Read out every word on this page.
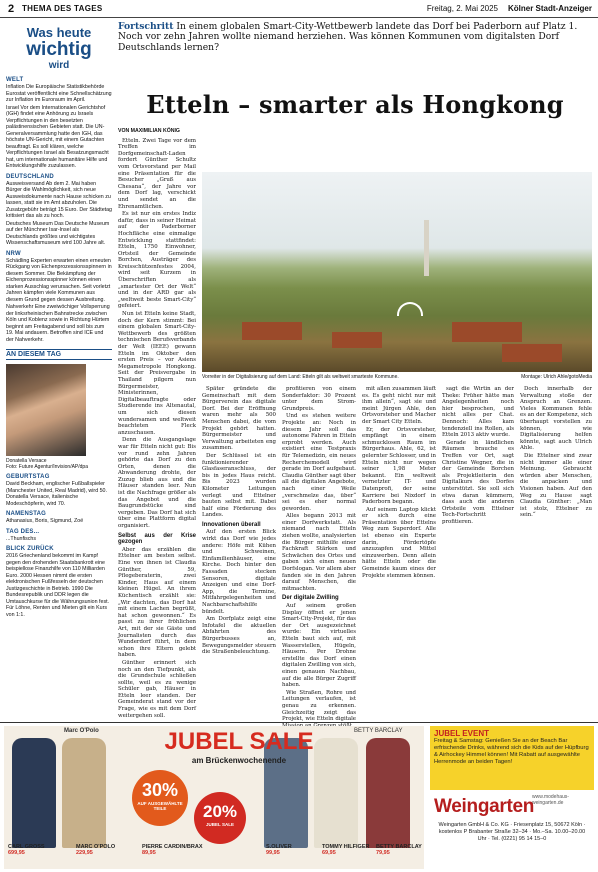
2 THEMA DES TAGES	Freitag, 2. Mai 2025 Kölner Stadt-Anzeiger
Was heute
wichtig
wird
WELT

Inflation Die Europäische Statistikbehörde Eurostat veröffentlicht eine Schnellschätzung zur Inflation im Euroraum im April.

Israel Vor dem Internationalen Gerichtshof (IGH) findet eine Anhörung zu Israels Verpflichtungen in den besetzten palästinensischen Gebieten statt. Die UN-Generalversammlung hatte den IGH, das höchste UN-Gericht, mit einem Gutachten beauftragt. Es soll klären, welche Verpflichtungen Israel als Besatzungsmacht hat, um internationale humanitäre Hilfe und Entwicklungshilfe zuzulassen.

DEUTSCHLAND

Ausweisversand Ab dem 2. Mai haben Bürger die Wahlmöglichkeit, sich neue Ausweisdokumente nach Hause schicken zu lassen, statt sie im Amt abzuholen. Die Zusatzgebühr beträgt 15 Euro. Der Städtetag kritisiert das als zu hoch.

Deutsches Museum Das Deutsche Museum auf der Münchner Isar-Insel als Deutschlands größtes und wichtigstes Wissenschaftsmuseum wird 100 Jahre alt.

NRW

Schädling Experten erwarten einen erneuten Rückgang von Eichenprozessionsspinnern in diesem Sommer. Die Bekämpfung der Eichenprozessionsspinner können einen starken Ausschlag verursachen. Seit vorletzt Jahren kämpfen viele Kommunen aus diesem Grund gegen dessen Ausbreitung.

Nahverkehr Eine zweiwöchiger Vollsperrung der linksrheinischen Bahnstrecke zwischen Köln und Koblenz sowie in Richtung Hürtem beginnt am Freitagabend und soll bis zum 19. Mai andauern. Betroffen sind ICE und der Nahverkehr.

AN DIESEM TAG
Donatella Versace
Foto: Future Agentur/Invision/AP/dpa
GEBURTSTAG

David Beckham, englischer Fußballspieler (Manchester United, Real Madrid), wird 50. Donatella Versace, italienische Modeschöpferin, wird 70.

NAMENSTAG

Athanasius, Boris, Sigmund, Zoë

TAG DES...

...Thunfischs

BLICK ZURÜCK

2016 Griechenland bekommt im Kampf gegen den drohenden Staatsbankrott eine beispiellose Finanzhilfe von 110 Milliarden Euro. 2000 Hessen nimmt die ersten elektronischen Fußfesseln der deutschen Justizgeschichte in Betrieb. 1990 Die Bundesrepublik und DDR legen die Umtauschkurse für die Währungsunion fest. Für Löhne, Renten und Mieten gilt ein Kurs von 1:1.

Fortschritt In einem globalen Smart-City-Wettbewerb landete das Dorf bei Paderborn auf Platz 1. Noch vor zehn Jahren wollte niemand herziehen. Was können Kommunen vom digitalsten Dorf Deutschlands lernen?
Etteln – smarter als Hongkong
VON MAXIMILIAN KÖNIG

Etteln. Zwei Tage vor dem Treffen im Dorfgemeinschaft-Laden fordert Günther Schultz vom Ortsvorstand per Mail eine Präsentation für die Besucher „Gruß aus Chesana“, der Jahre vor dem Dorf lag, verschickt und sendet an die Ehrenamtlichen.

Es ist nur ein erstes Indiz dafür, dass in seiner Heimat auf der Paderborner Hochfläche eine einmalige Entwicklung stattfindet: Etteln, 1750 Einwohner, Ortsteil der Gemeinde Borchen, Austräger des Kreisschützenfestes 2004, wird seit Kurzem in Überschriften als „smartester Ort der Welt“ und in der ARD gar als „weltweit beste Smart-City“ gefeiert.

Nun ist Etteln keine Stadt, doch der Kern stimmt: Bei einem globalen Smart-City-Wettbewerb des größten technischen Berufsverbands der Welt (IEEE) gewann Etteln im Oktober den ersten Preis – vor Asiens Megametropole Hongkong. Seit der Preisvergabe in Thailand pilgern nun Bürgermeister, Ministerinnen, Digitalbeauftragte oder Studierende ins Altenautal, um sich diesen wundersamen und weltweit beachteten Fleck anzuschauen.

Denn die Ausgangslage war für Etteln nicht gut: Bis vor rund zehn Jahren gehörte das Dorf zu den Orten, denen die Abwanderung drohte, der Zuzug blieb aus und die Häuser standen leer. Nun ist die Nachfrage größer als das Angebot und die Baugrundstücke sind vergeben. Das Dorf hat sich über eine Plattform digital organisiert.

Selbst aus der Krise gezogen

Aber das erzählen die Ettelner am besten selbst. Eine von ihnen ist Claudia Günther, 59, Pflegeberaterin, zwei Kinder, Haus auf einem kleinen Hügel. An ihrem Küchentisch erzählt sie: „Wir dachten, das Dorf hat mit einem Lachen begrüßt, hat schon gewonnen.“ Es passt zu ihrer fröhlichen Art, mit der sie Gäste und Journalisten durch das Wunderdorf führt, in dem schon ihre Eltern gelebt haben.

Günther erinnert sich noch an den Tiefpunkt, als die Grundschule schließen sollte, weil es zu wenige Schüler gab, Häuser in Etteln leer standen. Der Gemeinderat stand vor der Frage, wie es mit dem Dorf weitergehen soll.

Vorreiter in der Digitalisierung auf dem Land: Etteln gilt als weltweit smarteste Kommune.	Montage: Ulrich Ahle/gotoMedia

Später gründete die Gemeinschaft mit dem Bürgerverein das digitale Dorf. Bei der Eröffnung waren mehr als 500 Menschen dabei, die vom Projekt gehört hatten. Bürgermeister und Verwaltung arbeiteten eng zusammen.

Der Schlüssel ist ein funktionierender Glasfaseranschluss, der bis in jedes Haus reicht. Bis 2023 wurden Kilometer Leitungen verlegt und Ettelner bauten selbst mit. Dabei half eine Förderung des Landes.

Innovationen überall

Auf den ersten Blick wirkt das Dorf wie jedes andere: Höfe mit Kühen und Schweinen, Einfamilienhäuser, eine Kirche. Doch hinter den Fassaden stecken Sensoren, digitale Anzeigen und eine Dorf-App, die Termine, Mitfahrgelegenheiten und Nachbarschaftshilfe bündelt.

Am Dorfplatz zeigt eine Infotafel die aktuellen Abfahrten des Bürgerbusses an, Bewegungsmelder steuern die Straßenbeleuchtung.

profitieren von einem Sonderfaktor: 30 Prozent unter dem Strom-Grundpreis.

Und es stehen weitere Projekte an: Noch in diesem Jahr soll das autonome Fahren in Etteln erprobt werden. Auch existiert eine Testpraxis für Telemedizin, ein neues Recherchemodell wird gerade im Dorf aufgebaut. Claudia Günther sagt über all die digitalen Angebote, nach einer Weile „verschmelze das, über“ sei es eher normal geworden.

Alles begann 2013 mit einer Dorfwerkstatt. Als niemand nach Etteln ziehen wollte, analysierten die Bürger mithilfe einer Fachkraft Stärken und Schwächen des Ortes und gaben sich einen neuen Dorfslogan. Vor allem aber fanden sie in den Jahren darauf Menschen, die mitmachten.

Der digitale Zwilling

Auf seinem großen Display öffnet er jenen Smart-City-Projekt, für das der Ort ausgezeichnet wurde: Ein virtuelles Etteln baut sich auf, mit Wasserstellen, Hügeln, Häusern. Per Drohne erstellte das Dorf einen digitalen Zwilling von sich, einen genauen Nachbau, auf die alle Bürger Zugriff haben.

Wie Straßen, Rohre und Leitungen verlaufen, ist genau zu erkennen. Gleichzeitig zeigt das Projekt, wie Etteln digitale

mit allen zusammen läuft es. Es geht nicht nur mit ihm allein“, sagt sie und meint Jürgen Ahle, den Ortsvorsteher und Macher der Smart City Etteln.

Er, der Ortsvorsteher, empfängt in einem schmucklosen Raum im Bürgerhaus. Ahle, 62, ist gelernter Schlosser, und in Etteln nicht nur wegen seiner 1,98 Meter bekannt. Ein weltweit vernetzter IT- und Datenprofi, der seine Karriere bei Nixdorf in Paderborn begann.

Auf seinem Laptop klickt er sich durch eine Präsentation über Ettelns Weg zum Superdorf. Alle ist ebenso ein Experte darin, Fördertöpfe anzuzapfen und Mittel einzuwerben. Denn allein hätte Etteln oder die Gemeinde kaum eines der Projekte stemmen können.

sagt die Wirtin an der Theke: Früher hätte man Angelegenheiten noch hier besprochen, und nicht alles per Chat. Dennoch: Alles kam tendenziell ins Rollen, als Etteln 2013 aktiv wurde.

Gerade in ländlichen Räumen brauche es Treffen vor Ort, sagt Christine Wegner, die in der Gemeinde Borchen als Projektleiterin den Digitalkurs des Dorfes unterstützt. Sie soll sich etwa daran kümmern, dass auch die anderen Ortsteile vom Ettelner Tech-Fortschritt profitieren.

Doch innerhalb der Verwaltung stoße der Anspruch an Grenzen. Vieles Kommunen fehle es an der Kompetenz, sich überhaupt vorstellen zu können, wie Digitalisierung helfen könnte, sagt auch Ulrich Ahle.

Die Ettelner sind zwar nicht immer alle einer Meinung. Gebraucht würden aber Menschen, die anpacken und Visionen haben. Auf den Weg zu Hause sagt Claudia Günther: „Man ist stolz, Ettelner zu sein.“

Marc O'Polo	BETTY BARCLAY
JUBEL SALE
am Brückenwochenende
30%
AUF AUSGEWÄHLTE TEILE	20%
JUBEL SALE
CARL GROSS
699,95
MARC O'POLO
229,95
PIERRE CARDIN/BRAX
89,95
S.OLIVER
99,95
TOMMY HILFIGER
69,95
BETTY BARCLAY
79,95
JUBEL EVENT
Freitag & Samstag: Genießen Sie an der Beach Bar erfrischende Drinks, während sich die Kids auf der Hüpfburg & Airhockey Himmel können! Mit Rabatt auf ausgewählte Herrenmode an beiden Tagen!
www.modehaus-weingarten.de
Weingarten
Weingarten GmbH & Co. KG · Friesenplatz 15, 50672 Köln · kostenlos P Brabanter Straße 32–34 · Mo.–Sa. 10.00–20.00 Uhr · Tel. (0221) 95 14 15–0
